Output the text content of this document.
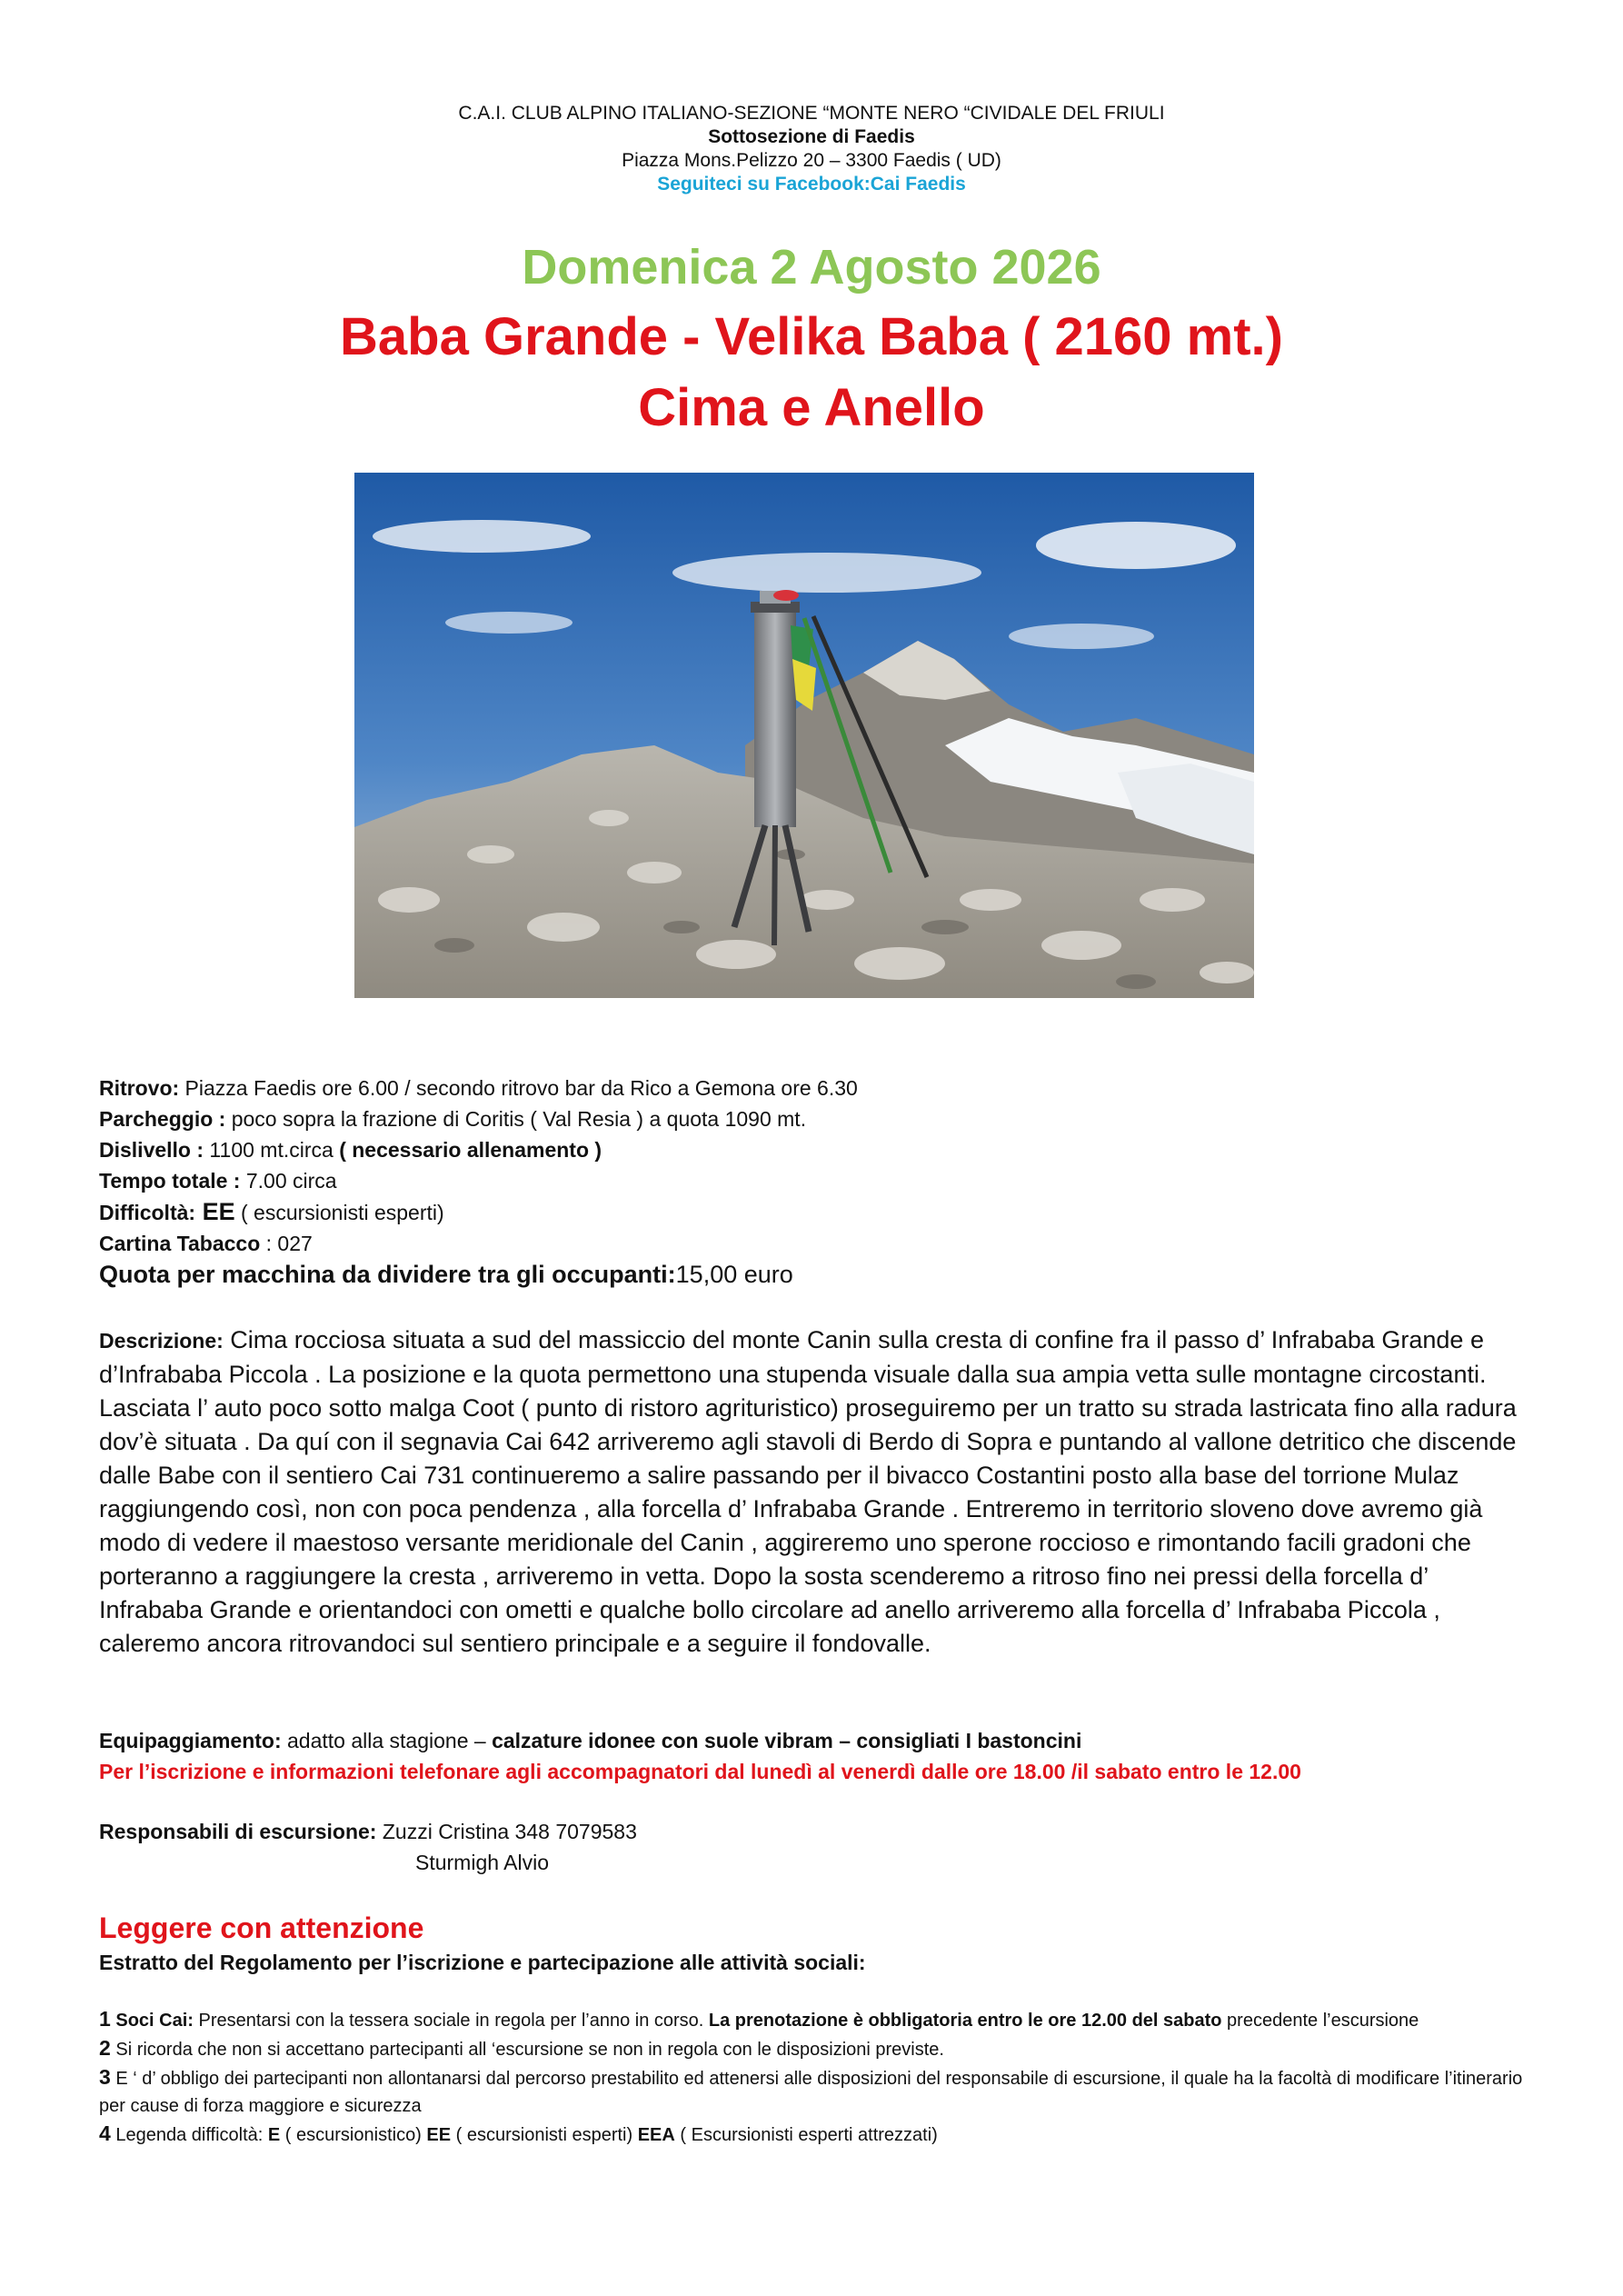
C.A.I. CLUB ALPINO ITALIANO-SEZIONE “MONTE NERO “CIVIDALE DEL FRIULI
Sottosezione di Faedis
Piazza Mons.Pelizzo 20 – 3300 Faedis ( UD)
Seguiteci su Facebook:Cai Faedis
Domenica 2 Agosto 2026
Baba Grande - Velika Baba ( 2160 mt.)
Cima e Anello
Ritrovo: Piazza Faedis ore 6.00 / secondo ritrovo bar da Rico a Gemona ore 6.30
Parcheggio : poco sopra la frazione di Coritis ( Val Resia ) a quota 1090 mt.
Dislivello : 1100 mt.circa ( necessario allenamento )
Tempo totale : 7.00 circa
Difficoltà: EE ( escursionisti esperti)
Cartina Tabacco : 027
Quota per macchina da dividere tra gli occupanti:15,00 euro
Descrizione: Cima rocciosa situata a sud del massiccio del monte Canin sulla cresta di confine fra il passo d’ Infrababa Grande e d’Infrababa Piccola . La posizione e la quota permettono una stupenda visuale dalla sua ampia vetta sulle montagne circostanti. Lasciata l’ auto poco sotto malga Coot ( punto di ristoro agrituristico) proseguiremo per un tratto su strada lastricata fino alla radura dov’è situata . Da quí con il segnavia Cai 642 arriveremo agli stavoli di Berdo di Sopra e puntando al vallone detritico che discende dalle Babe con il sentiero Cai 731 continueremo a salire passando per il bivacco Costantini posto alla base del torrione Mulaz raggiungendo così, non con poca pendenza , alla forcella d’ Infrababa Grande . Entreremo in territorio sloveno dove avremo già modo di vedere il maestoso versante meridionale del Canin , aggireremo uno sperone roccioso e rimontando facili gradoni che porteranno a raggiungere la cresta , arriveremo in vetta. Dopo la sosta scenderemo a ritroso fino nei pressi della forcella d’ Infrababa Grande e orientandoci con ometti e qualche bollo circolare ad anello arriveremo alla forcella d’ Infrababa Piccola , caleremo ancora ritrovandoci sul sentiero principale e a seguire il fondovalle.
Equipaggiamento: adatto alla stagione – calzature idonee con suole vibram – consigliati I bastoncini
Per l’iscrizione e informazioni telefonare agli accompagnatori dal lunedì al venerdì dalle ore 18.00 /il sabato entro le 12.00
Responsabili di escursione: Zuzzi Cristina 348 7079583
Sturmigh Alvio
Leggere con attenzione
Estratto del Regolamento per l’iscrizione e partecipazione alle attività sociali:

1 Soci Cai: Presentarsi con la tessera sociale in regola per l’anno in corso. La prenotazione è obbligatoria entro le ore 12.00 del sabato precedente l’escursione

2 Si ricorda che non si accettano partecipanti all ‘escursione se non in regola con le disposizioni previste.

3 E ‘ d’ obbligo dei partecipanti non allontanarsi dal percorso prestabilito ed attenersi alle disposizioni del responsabile di escursione, il quale ha la facoltà di modificare l’itinerario per cause di forza maggiore e sicurezza

4 Legenda difficoltà: E ( escursionistico) EE ( escursionisti esperti) EEA ( Escursionisti esperti attrezzati)
